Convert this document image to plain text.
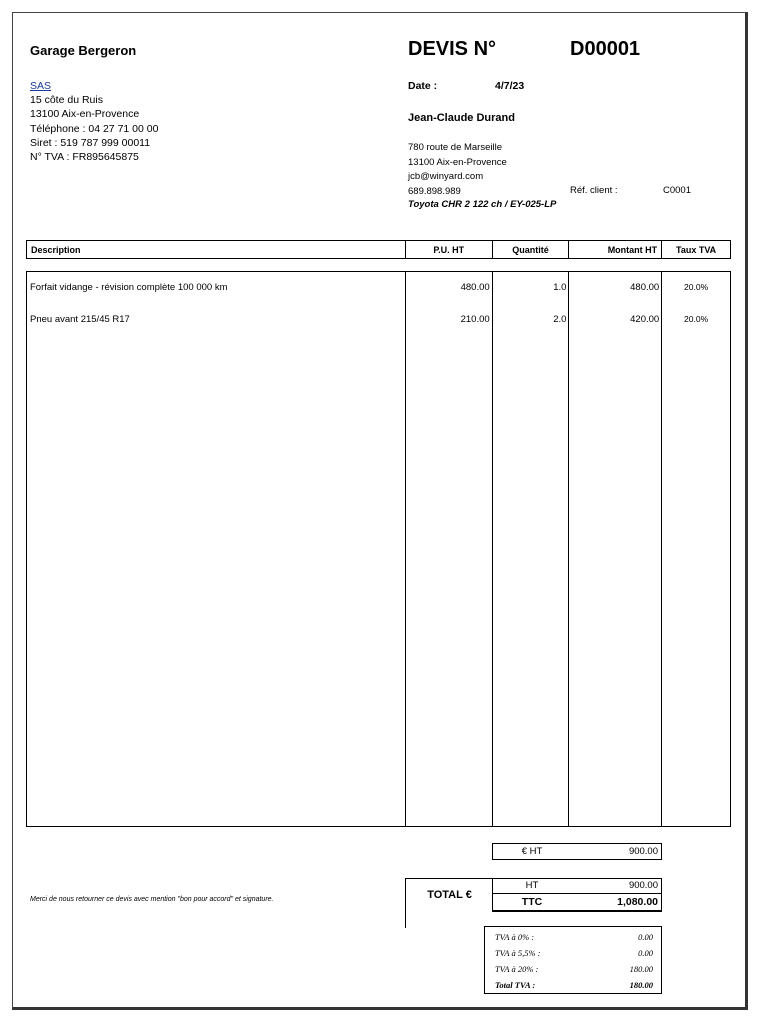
Garage Bergeron
SAS
15 côte du Ruis
13100 Aix-en-Provence
Téléphone : 04 27 71 00 00
Siret : 519 787 999 00011
N° TVA : FR895645875
DEVIS N°	D00001
Date :	4/7/23
Jean-Claude Durand
780 route de Marseille
13100 Aix-en-Provence
jcb@winyard.com
689.898.989	Réf. client :	C0001
Toyota CHR 2 122 ch / EY-025-LP
Description	P.U. HT	Quantité	Montant HT	Taux TVA
Forfait vidange - révision complète 100 000 km	480.00	1.0	480.00	20.0%
Pneu avant 215/45 R17	210.00	2.0	420.00	20.0%
€ HT	900.00
Merci de nous retourner ce devis avec mention "bon pour accord" et signature.	TOTAL €
HT	900.00
TTC	1,080.00
TVA à 0% :	0.00
TVA à 5,5% :	0.00
TVA à 20% :	180.00
Total TVA :	180.00
